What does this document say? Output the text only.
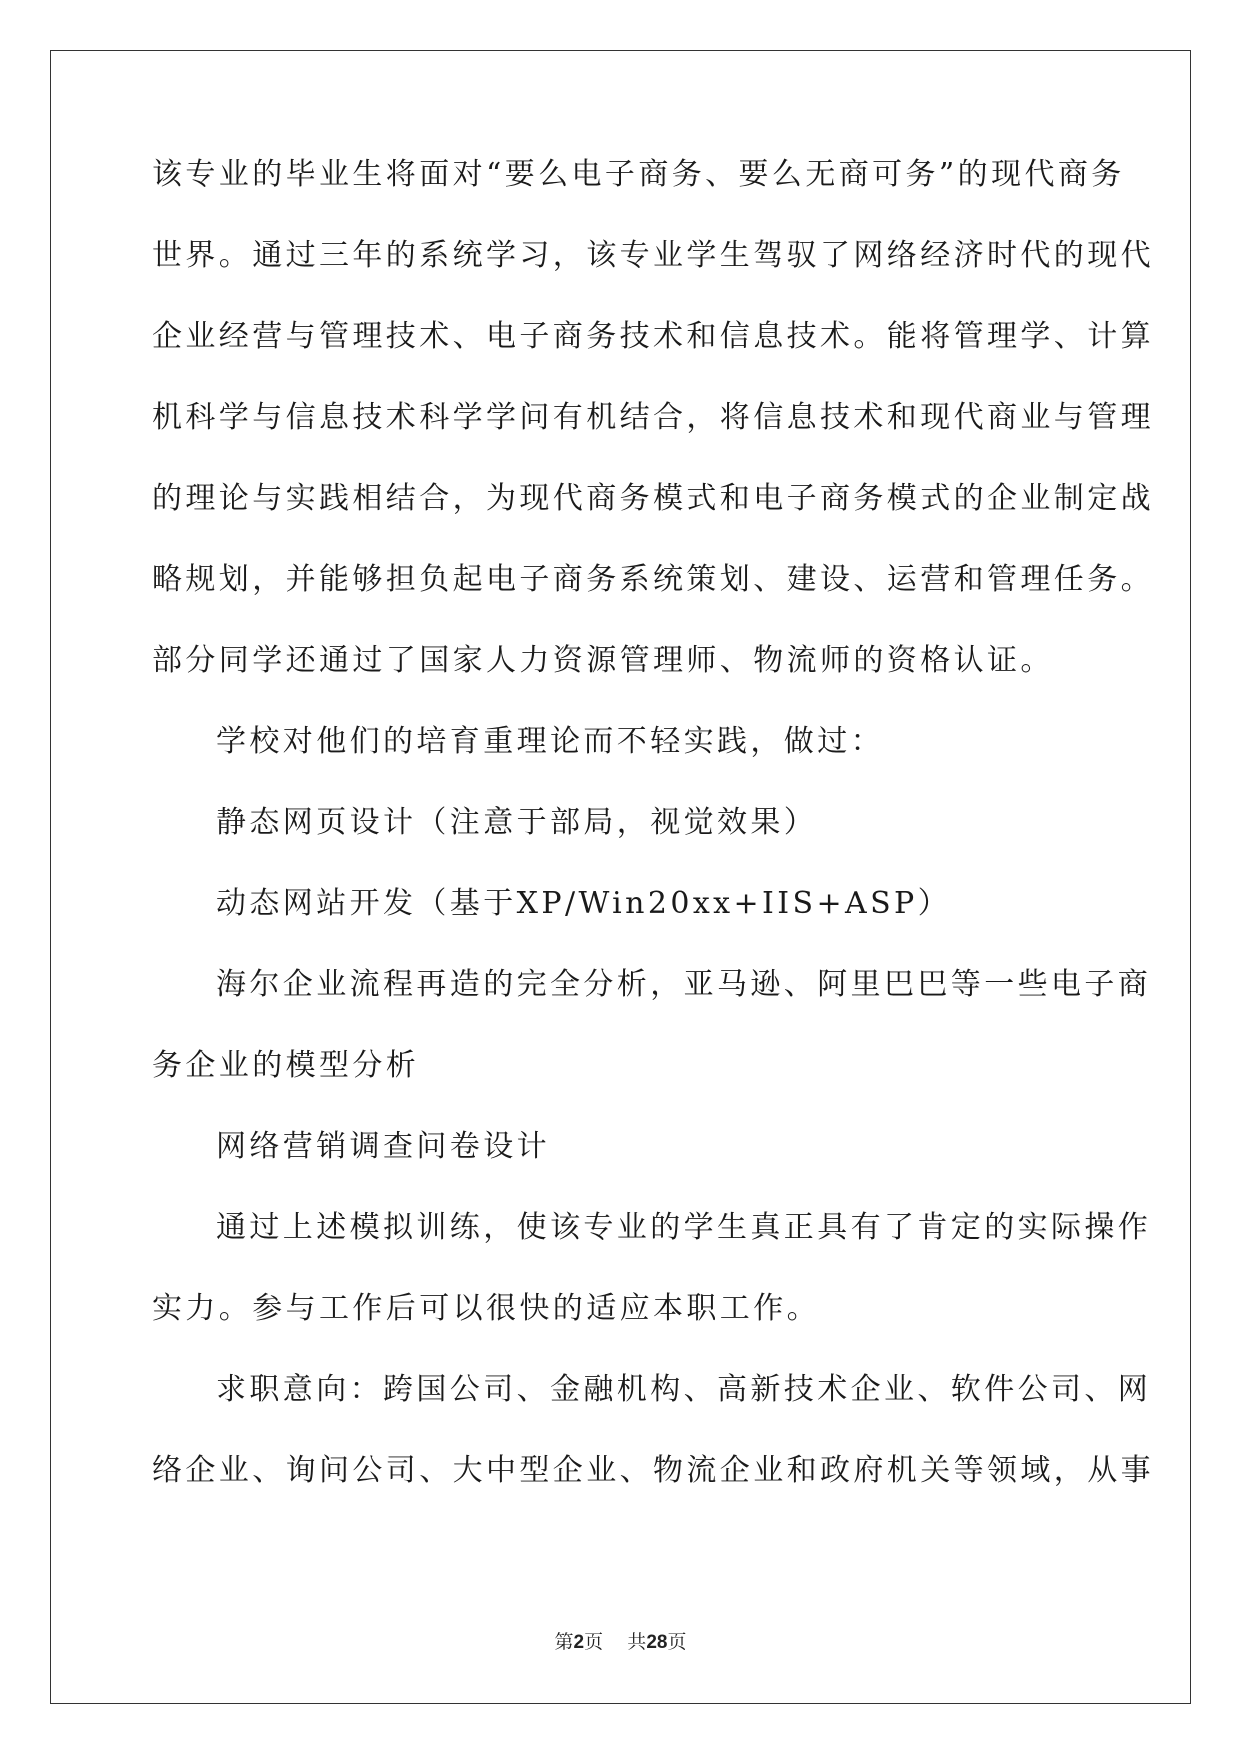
该专业的毕业生将面对“要么电子商务、要么无商可务”的现代商务
世界。通过三年的系统学习，该专业学生驾驭了网络经济时代的现代
企业经营与管理技术、电子商务技术和信息技术。能将管理学、计算
机科学与信息技术科学学问有机结合，将信息技术和现代商业与管理
的理论与实践相结合，为现代商务模式和电子商务模式的企业制定战
略规划，并能够担负起电子商务系统策划、建设、运营和管理任务。
部分同学还通过了国家人力资源管理师、物流师的资格认证。
学校对他们的培育重理论而不轻实践，做过：
静态网页设计（注意于部局，视觉效果）
动态网站开发（基于XP/Win20xx+IIS+ASP）
海尔企业流程再造的完全分析，亚马逊、阿里巴巴等一些电子商
务企业的模型分析
网络营销调查问卷设计
通过上述模拟训练，使该专业的学生真正具有了肯定的实际操作
实力。参与工作后可以很快的适应本职工作。
求职意向：跨国公司、金融机构、高新技术企业、软件公司、网
络企业、询问公司、大中型企业、物流企业和政府机关等领域，从事
第2页 共28页
